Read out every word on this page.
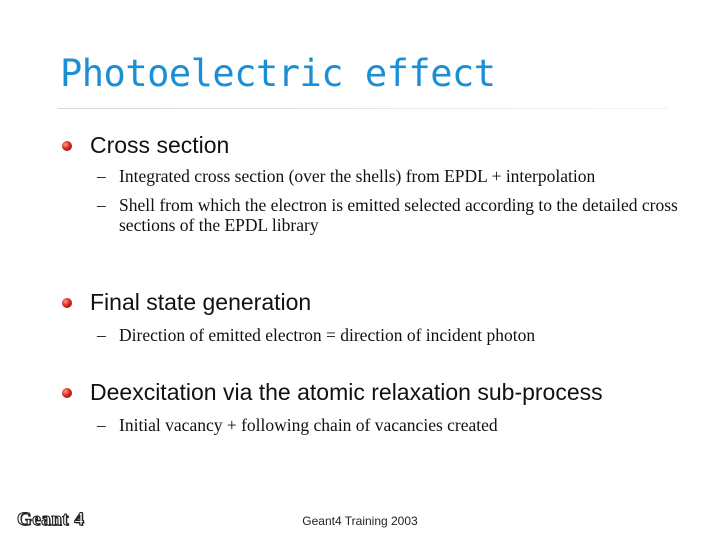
Photoelectric effect
Cross section
– Integrated cross section (over the shells) from EPDL + interpolation
– Shell from which the electron is emitted selected according to the detailed cross sections of the EPDL library
Final state generation
– Direction of emitted electron = direction of incident photon
Deexcitation via the atomic relaxation sub-process
– Initial vacancy + following chain of vacancies created
Geant 4	Geant4 Training 2003
